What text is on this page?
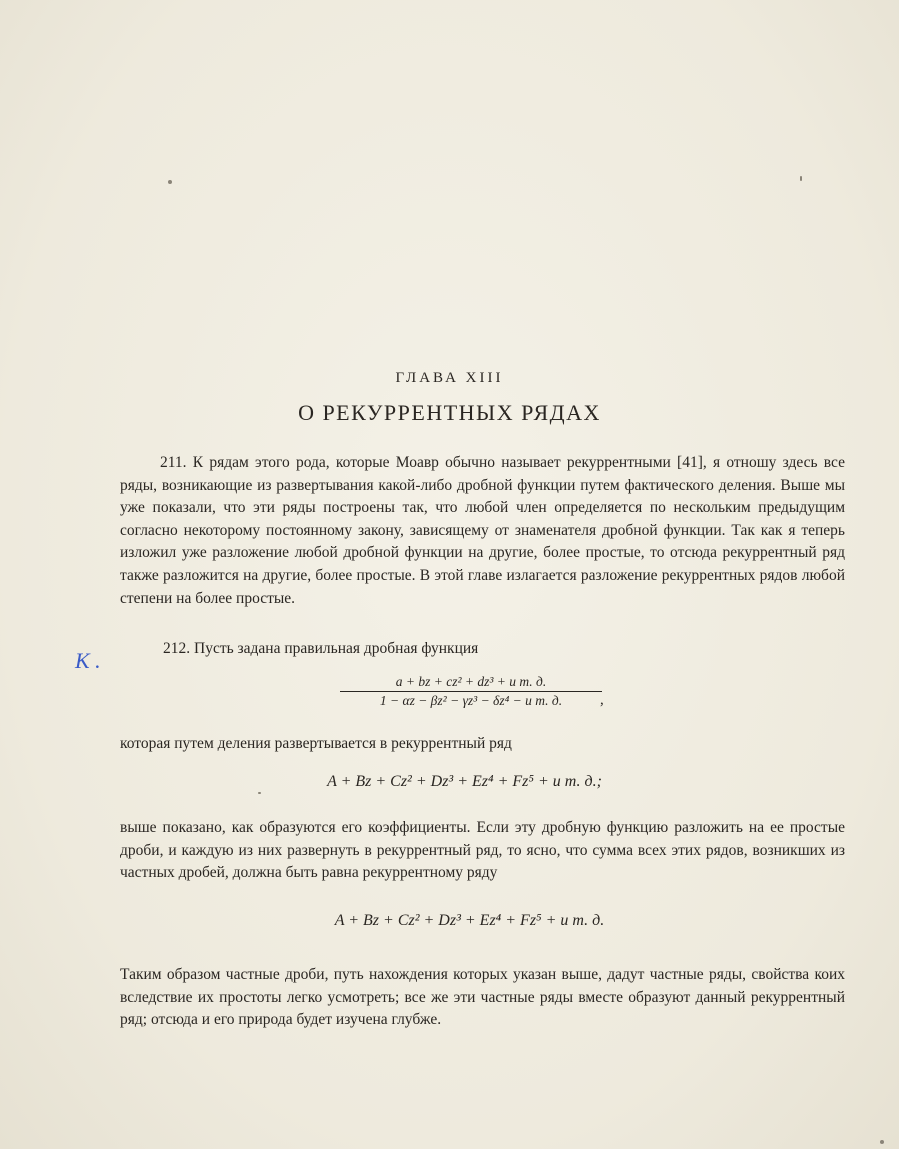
ГЛАВА XIII
О РЕКУРРЕНТНЫХ РЯДАХ

211. К рядам этого рода, которые Моавр обычно называет рекуррентными [41], я отношу здесь все ряды, возникающие из развертывания какой-либо дробной функции путем фактического деления. Выше мы уже показали, что эти ряды построены так, что любой член определяется по нескольким предыдущим согласно некоторому постоянному закону, зависящему от знаменателя дробной функции. Так как я теперь изложил уже разложение любой дробной функции на другие, более простые, то отсюда рекуррентный ряд также разложится на другие, более простые. В этой главе излагается разложение рекуррентных рядов любой степени на более простые.

К .	212. Пусть задана правильная дробная функция

a + bz + cz² + dz³ + и т. д.
1 − αz − βz² − γz³ − δz⁴ − и т. д.	,

которая путем деления развертывается в рекуррентный ряд

A + Bz + Cz² + Dz³ + Ez⁴ + Fz⁵ + и т. д.;

выше показано, как образуются его коэффициенты. Если эту дробную функцию разложить на ее простые дроби, и каждую из них развернуть в рекуррентный ряд, то ясно, что сумма всех этих рядов, возникших из частных дробей, должна быть равна рекуррентному ряду

A + Bz + Cz² + Dz³ + Ez⁴ + Fz⁵ + и т. д.

Таким образом частные дроби, путь нахождения которых указан выше, дадут частные ряды, свойства коих вследствие их простоты легко усмотреть; все же эти частные ряды вместе образуют данный рекуррентный ряд; отсюда и его природа будет изучена глубже.
